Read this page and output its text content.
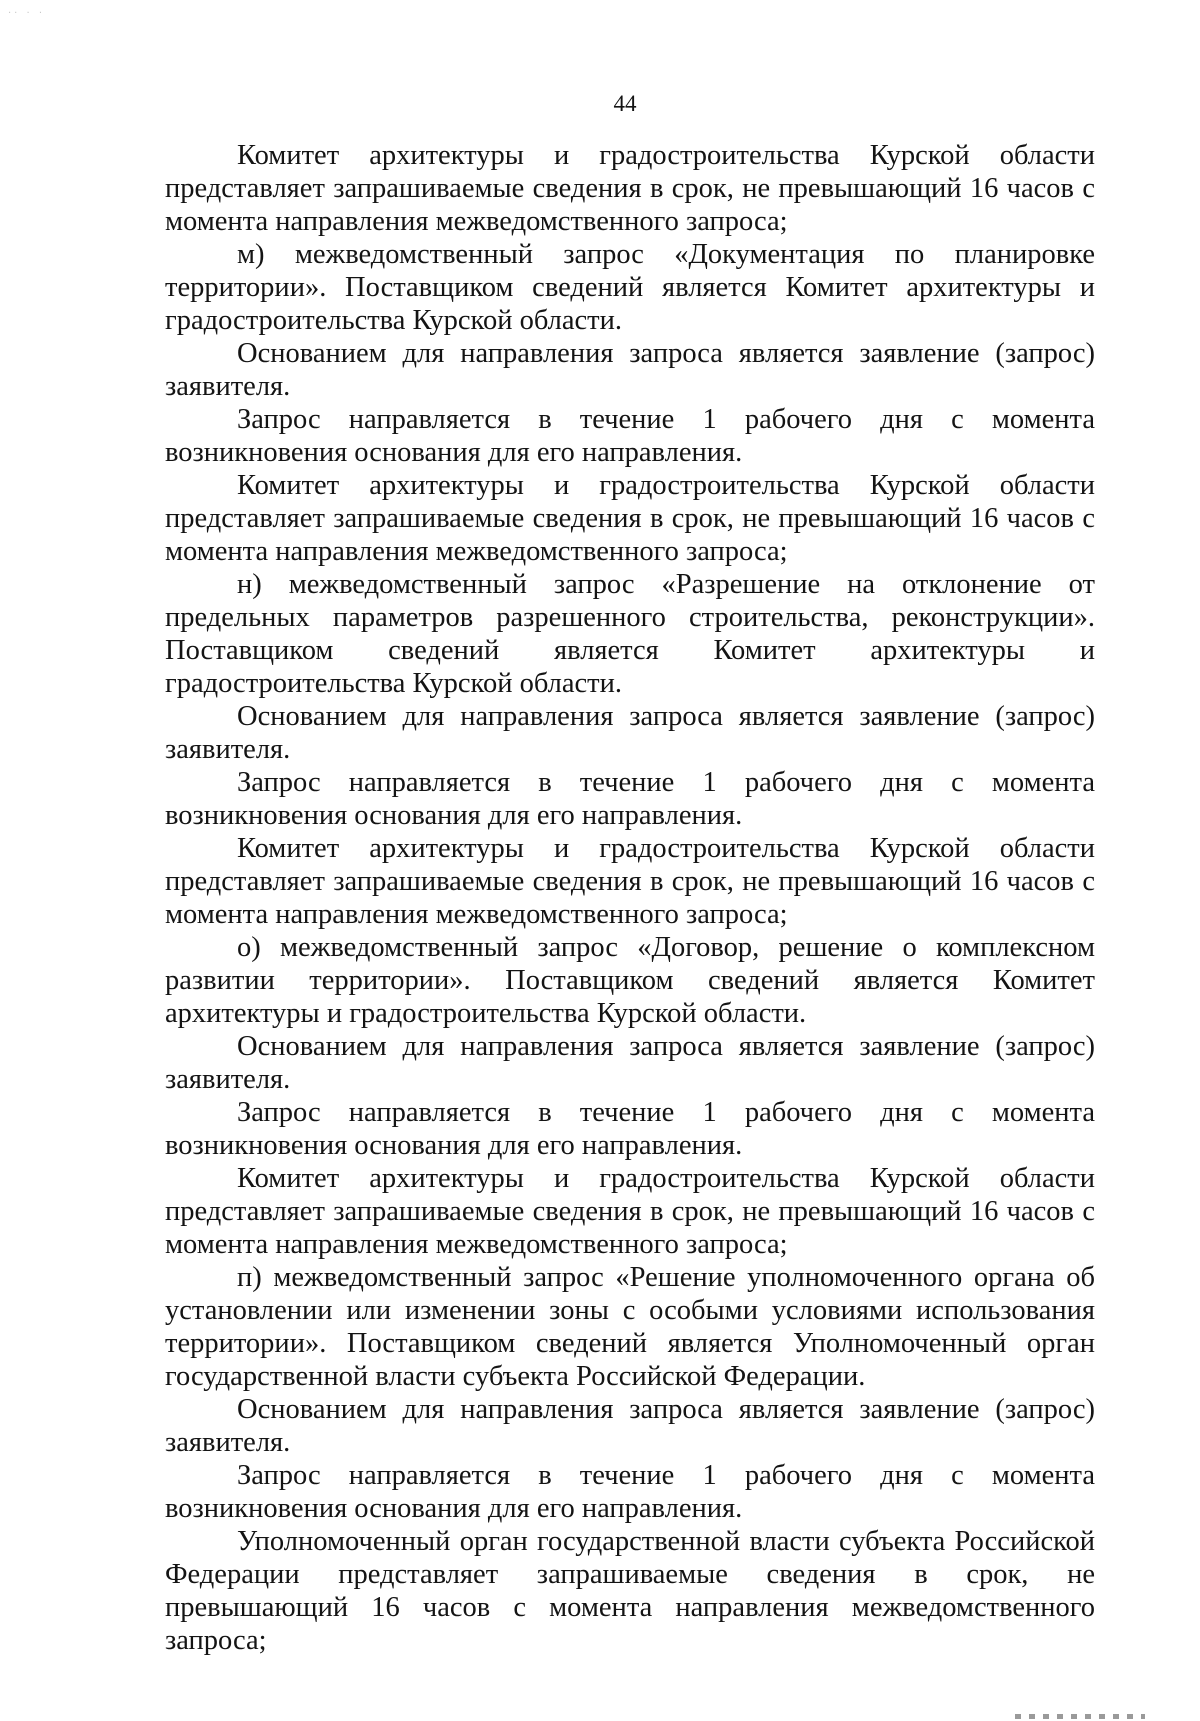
·· · ·
44

Комитет архитектуры и градостроительства Курской области представляет запрашиваемые сведения в срок, не превышающий 16 часов с момента направления межведомственного запроса;

м) межведомственный запрос «Документация по планировке территории». Поставщиком сведений является Комитет архитектуры и градостроительства Курской области.

Основанием для направления запроса является заявление (запрос) заявителя.

Запрос направляется в течение 1 рабочего дня с момента возникновения основания для его направления.

Комитет архитектуры и градостроительства Курской области представляет запрашиваемые сведения в срок, не превышающий 16 часов с момента направления межведомственного запроса;

н) межведомственный запрос «Разрешение на отклонение от предельных параметров разрешенного строительства, реконструкции». Поставщиком сведений является Комитет архитектуры и градостроительства Курской области.

Основанием для направления запроса является заявление (запрос) заявителя.

Запрос направляется в течение 1 рабочего дня с момента возникновения основания для его направления.

Комитет архитектуры и градостроительства Курской области представляет запрашиваемые сведения в срок, не превышающий 16 часов с момента направления межведомственного запроса;

о) межведомственный запрос «Договор, решение о комплексном развитии территории». Поставщиком сведений является Комитет архитектуры и градостроительства Курской области.

Основанием для направления запроса является заявление (запрос) заявителя.

Запрос направляется в течение 1 рабочего дня с момента возникновения основания для его направления.

Комитет архитектуры и градостроительства Курской области представляет запрашиваемые сведения в срок, не превышающий 16 часов с момента направления межведомственного запроса;

п) межведомственный запрос «Решение уполномоченного органа об установлении или изменении зоны с особыми условиями использования территории». Поставщиком сведений является Уполномоченный орган государственной власти субъекта Российской Федерации.

Основанием для направления запроса является заявление (запрос) заявителя.

Запрос направляется в течение 1 рабочего дня с момента возникновения основания для его направления.

Уполномоченный орган государственной власти субъекта Российской Федерации представляет запрашиваемые сведения в срок, не превышающий 16 часов с момента направления межведомственного запроса;
